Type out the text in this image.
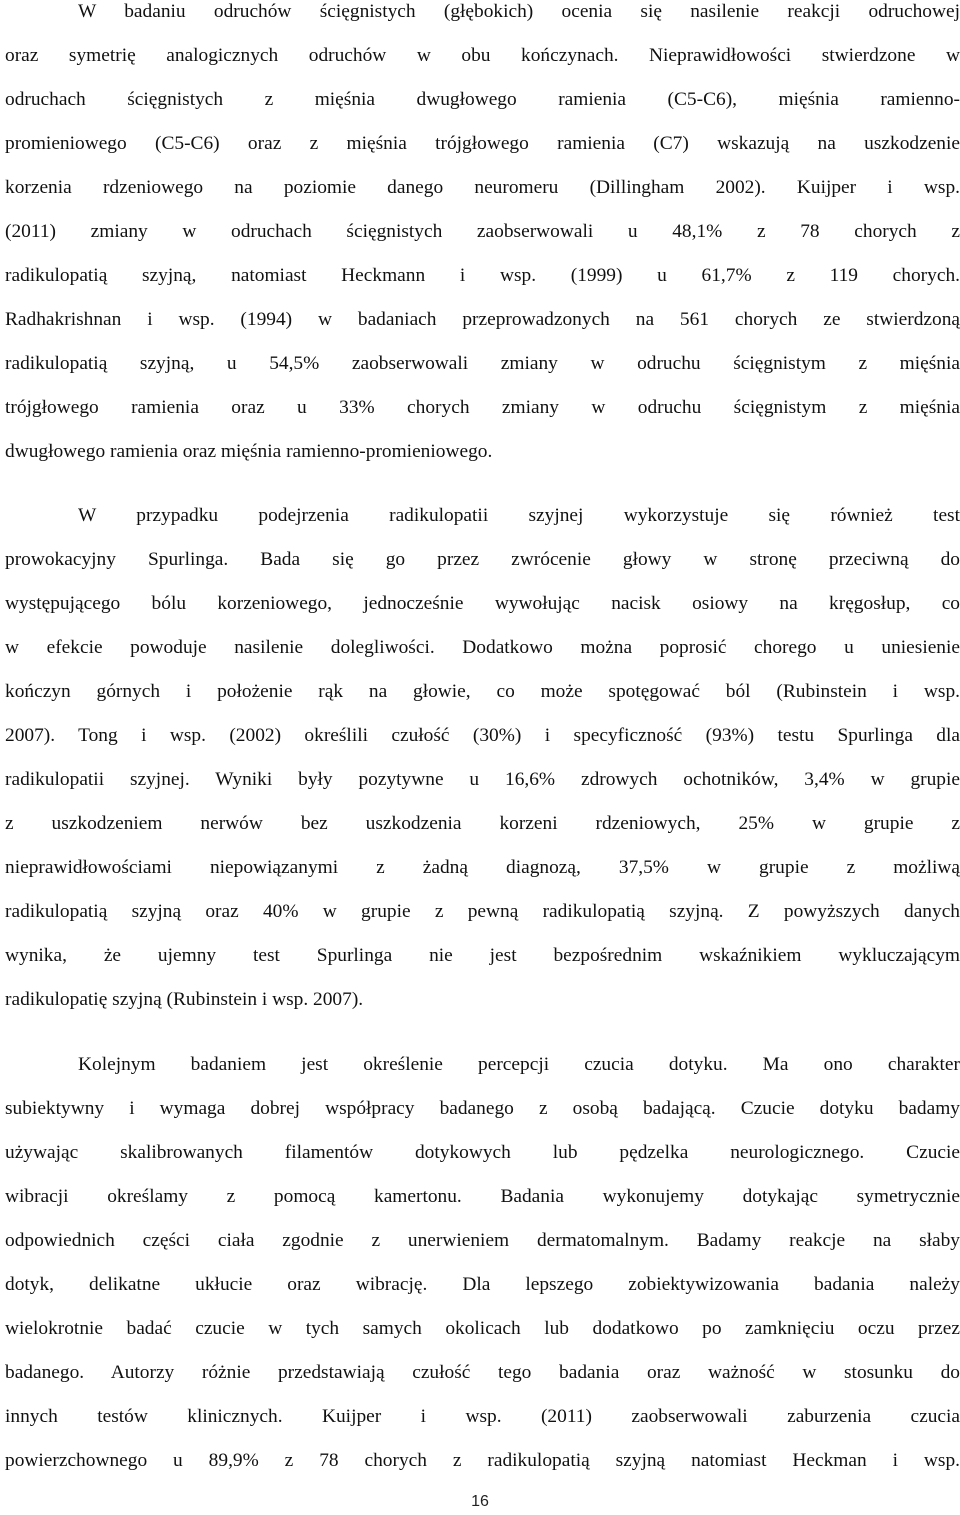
W badaniu odruchów ścięgnistych (głębokich) ocenia się nasilenie reakcji odruchowej
oraz symetrię analogicznych odruchów w obu kończynach. Nieprawidłowości stwierdzone w
odruchach ścięgnistych z mięśnia dwugłowego ramienia (C5-C6), mięśnia ramienno-
promieniowego (C5-C6) oraz z mięśnia trójgłowego ramienia (C7) wskazują na uszkodzenie
korzenia rdzeniowego na poziomie danego neuromeru (Dillingham 2002). Kuijper i wsp.
(2011) zmiany w odruchach ścięgnistych zaobserwowali u 48,1% z 78 chorych z
radikulopatią szyjną, natomiast Heckmann i wsp. (1999) u 61,7% z 119 chorych.
Radhakrishnan i wsp. (1994) w badaniach przeprowadzonych na 561 chorych ze stwierdzoną
radikulopatią szyjną, u 54,5% zaobserwowali zmiany w odruchu ścięgnistym z mięśnia
trójgłowego ramienia oraz u 33% chorych zmiany w odruchu ścięgnistym z mięśnia
dwugłowego ramienia oraz mięśnia ramienno-promieniowego.
W przypadku podejrzenia radikulopatii szyjnej wykorzystuje się również test
prowokacyjny Spurlinga. Bada się go przez zwrócenie głowy w stronę przeciwną do
występującego bólu korzeniowego, jednocześnie wywołując nacisk osiowy na kręgosłup, co
w efekcie powoduje nasilenie dolegliwości. Dodatkowo można poprosić chorego u uniesienie
kończyn górnych i położenie rąk na głowie, co może spotęgować ból (Rubinstein i wsp.
2007). Tong i wsp. (2002) określili czułość (30%) i specyficzność (93%) testu Spurlinga dla
radikulopatii szyjnej. Wyniki były pozytywne u 16,6% zdrowych ochotników, 3,4% w grupie
z uszkodzeniem nerwów bez uszkodzenia korzeni rdzeniowych, 25% w grupie z
nieprawidłowościami niepowiązanymi z żadną diagnozą, 37,5% w grupie z możliwą
radikulopatią szyjną oraz 40% w grupie z pewną radikulopatią szyjną. Z powyższych danych
wynika, że ujemny test Spurlinga nie jest bezpośrednim wskaźnikiem wykluczającym
radikulopatię szyjną (Rubinstein i wsp. 2007).
Kolejnym badaniem jest określenie percepcji czucia dotyku. Ma ono charakter
subiektywny i wymaga dobrej współpracy badanego z osobą badającą. Czucie dotyku badamy
używając skalibrowanych filamentów dotykowych lub pędzelka neurologicznego. Czucie
wibracji określamy z pomocą kamertonu. Badania wykonujemy dotykając symetrycznie
odpowiednich części ciała zgodnie z unerwieniem dermatomalnym. Badamy reakcje na słaby
dotyk, delikatne ukłucie oraz wibrację. Dla lepszego zobiektywizowania badania należy
wielokrotnie badać czucie w tych samych okolicach lub dodatkowo po zamknięciu oczu przez
badanego. Autorzy różnie przedstawiają czułość tego badania oraz ważność w stosunku do
innych testów klinicznych. Kuijper i wsp. (2011) zaobserwowali zaburzenia czucia
powierzchownego u 89,9% z 78 chorych z radikulopatią szyjną natomiast Heckman i wsp.
16
